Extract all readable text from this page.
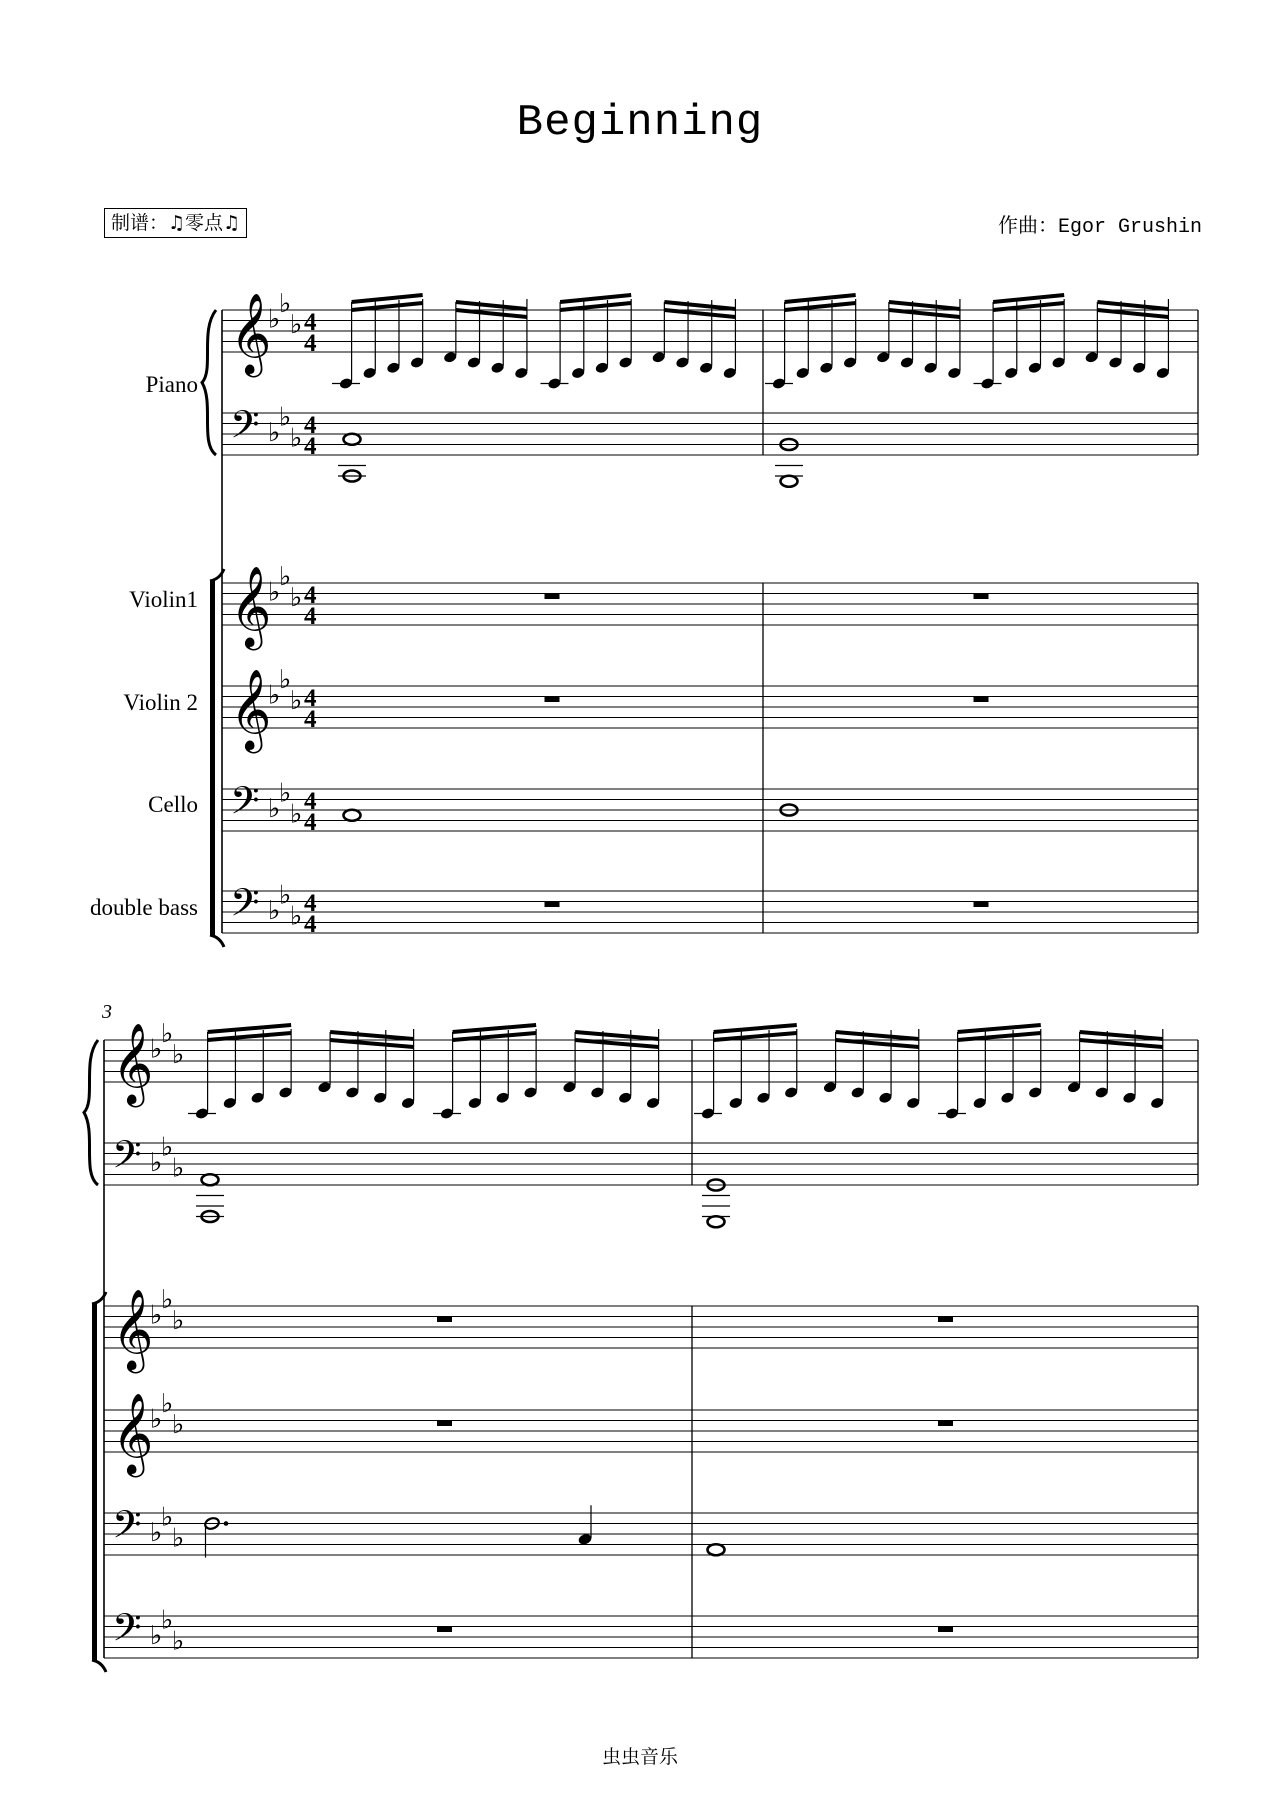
Beginning
制谱：♫零点♫	作曲：Egor Grushin
𝄞
♭
♭
♭ 4
4
𝄢 ♭
♭
♭ 4
4
𝄞
♭
♭
♭ 4
4
𝄞
♭
♭
♭ 4
4
𝄢 ♭
♭
♭ 4
4
𝄢 ♭
♭
♭ 4
4
𝄞
♭
♭
♭
𝄢 ♭
♭
♭
𝄞
♭
♭
♭
𝄞
♭
♭
♭
𝄢 ♭
♭
♭
𝄢 ♭
♭
♭
Piano
Violin1
Violin 2
Cello
double bass
3
虫虫音乐
